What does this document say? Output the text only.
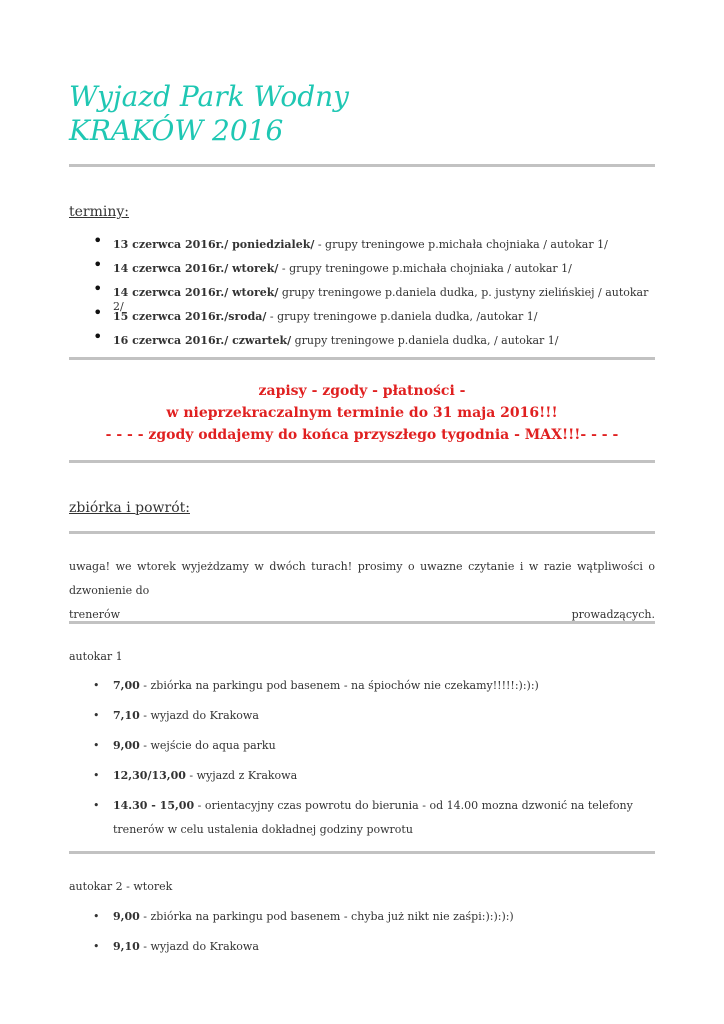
Wyjazd Park Wodny

KRAKÓW 2016

terminy:

• 13 czerwca 2016r./ poniedzialek/ - grupy treningowe p.michała chojniaka / autokar 1/
• 14 czerwca 2016r./ wtorek/ - grupy treningowe p.michała chojniaka / autokar 1/
• 14 czerwca 2016r./ wtorek/ grupy treningowe p.daniela dudka, p. justyny zielińskiej / autokar 2/
• 15 czerwca 2016r./sroda/ - grupy treningowe p.daniela dudka, /autokar 1/
• 16 czerwca 2016r./ czwartek/ grupy treningowe p.daniela dudka, / autokar 1/
zapisy - zgody - płatności -
w nieprzekraczalnym terminie do 31 maja 2016!!!
- - - - zgody oddajemy do końca przyszłego tygodnia - MAX!!!- - - -

zbiórka i powrót:

uwaga! we wtorek wyjeżdzamy w dwóch turach! prosimy o uwazne czytanie i w razie wątpliwości o dzwonienie do
trenerów	prowadzących.

autokar 1

• 7,00 - zbiórka na parkingu pod basenem - na śpiochów nie czekamy!!!!!:):):)
• 7,10 - wyjazd do Krakowa
• 9,00 - wejście do aqua parku
• 12,30/13,00 - wyjazd z Krakowa
• 14.30 - 15,00 - orientacyjny czas powrotu do bierunia - od 14.00 mozna dzwonić na telefony trenerów w celu ustalenia dokładnej godziny powrotu

autokar 2 - wtorek

• 9,00 - zbiórka na parkingu pod basenem - chyba już nikt nie zaśpi:):):):)
• 9,10 - wyjazd do Krakowa
